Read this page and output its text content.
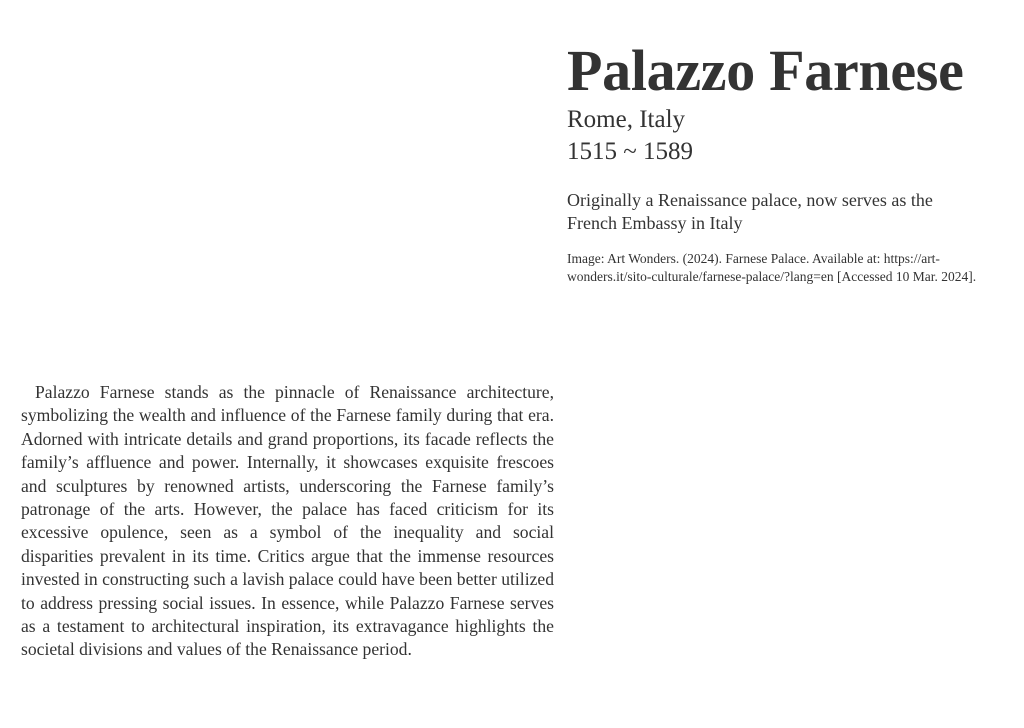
Palazzo Farnese

Rome, Italy

1515 ~ 1589

Originally a Renaissance palace, now serves as the French Embassy in Italy

Image: Art Wonders. (2024). Farnese Palace. Available at: https://art-wonders.it/sito-culturale/farnese-palace/?lang=en [Accessed 10 Mar. 2024].

Palazzo Farnese stands as the pinnacle of Renaissance architecture, symbolizing the wealth and influence of the Farnese family during that era. Adorned with intricate details and grand proportions, its facade reflects the family’s affluence and power. Internally, it showcases exquisite frescoes and sculptures by renowned artists, underscoring the Farnese family’s patronage of the arts. However, the palace has faced criticism for its excessive opulence, seen as a symbol of the inequality and social disparities prevalent in its time. Critics argue that the immense resources invested in constructing such a lavish palace could have been better utilized to address pressing social issues. In essence, while Palazzo Farnese serves as a testament to architectural inspiration, its extravagance highlights the societal divisions and values of the Renaissance period.
